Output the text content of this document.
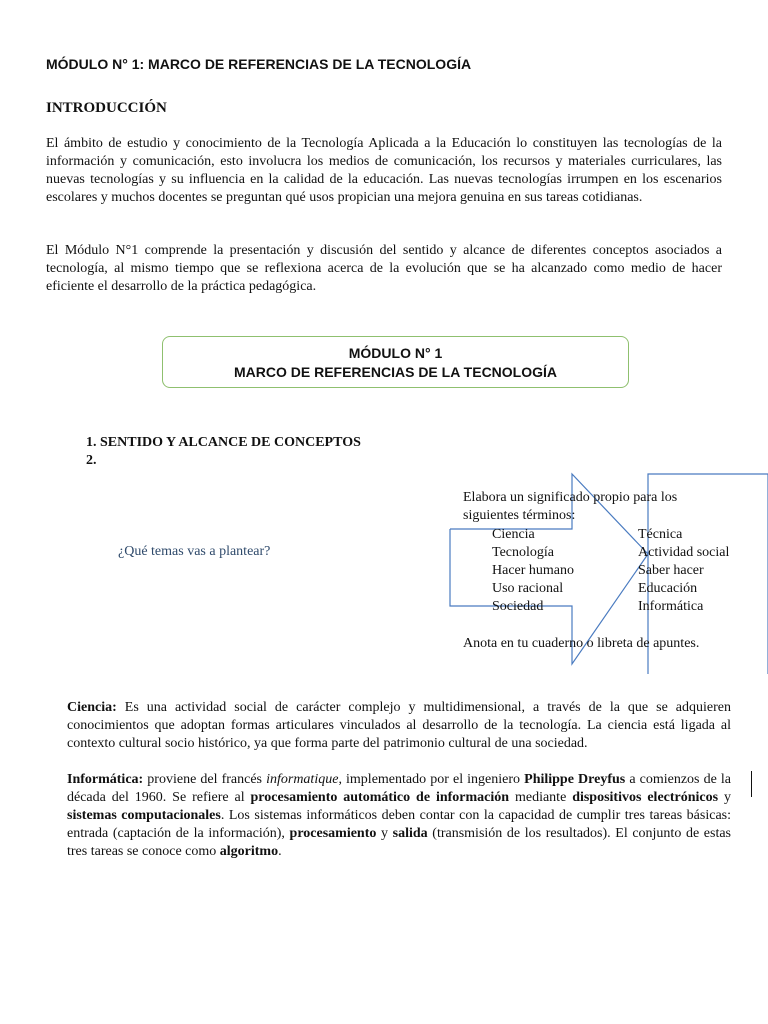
MÓDULO N° 1: MARCO DE REFERENCIAS DE LA TECNOLOGÍA
INTRODUCCIÓN
El ámbito de estudio y conocimiento de la Tecnología Aplicada a la Educación lo constituyen las tecnologías de la información y comunicación, esto involucra los medios de comunicación, los recursos y materiales curriculares, las nuevas tecnologías y su influencia en la calidad de la educación. Las nuevas tecnologías irrumpen en los escenarios escolares y muchos docentes se preguntan qué usos propician una mejora genuina en sus tareas cotidianas.
El Módulo N°1 comprende la presentación y discusión del sentido y alcance de diferentes conceptos asociados a tecnología, al mismo tiempo que se reflexiona acerca de la evolución que se ha alcanzado como medio de hacer eficiente el desarrollo de la práctica pedagógica.
MÓDULO N° 1
MARCO DE REFERENCIAS DE LA TECNOLOGÍA
1. SENTIDO Y ALCANCE DE CONCEPTOS
2.
¿Qué temas vas a plantear?
Elabora un significado propio para los siguientes términos:
Ciencia
Tecnología
Hacer humano
Uso racional
Sociedad
Técnica
Actividad social
Saber hacer
Educación
Informática
Anota en tu cuaderno o libreta de apuntes.
Ciencia: Es una actividad social de carácter complejo y multidimensional, a través de la que se adquieren conocimientos que adoptan formas articulares vinculados al desarrollo de la tecnología. La ciencia está ligada al contexto cultural socio histórico, ya que forma parte del patrimonio cultural de una sociedad.
Informática: proviene del francés informatique, implementado por el ingeniero Philippe Dreyfus a comienzos de la década del 1960. Se refiere al procesamiento automático de información mediante dispositivos electrónicos y sistemas computacionales. Los sistemas informáticos deben contar con la capacidad de cumplir tres tareas básicas: entrada (captación de la información), procesamiento y salida (transmisión de los resultados). El conjunto de estas tres tareas se conoce como algoritmo.
